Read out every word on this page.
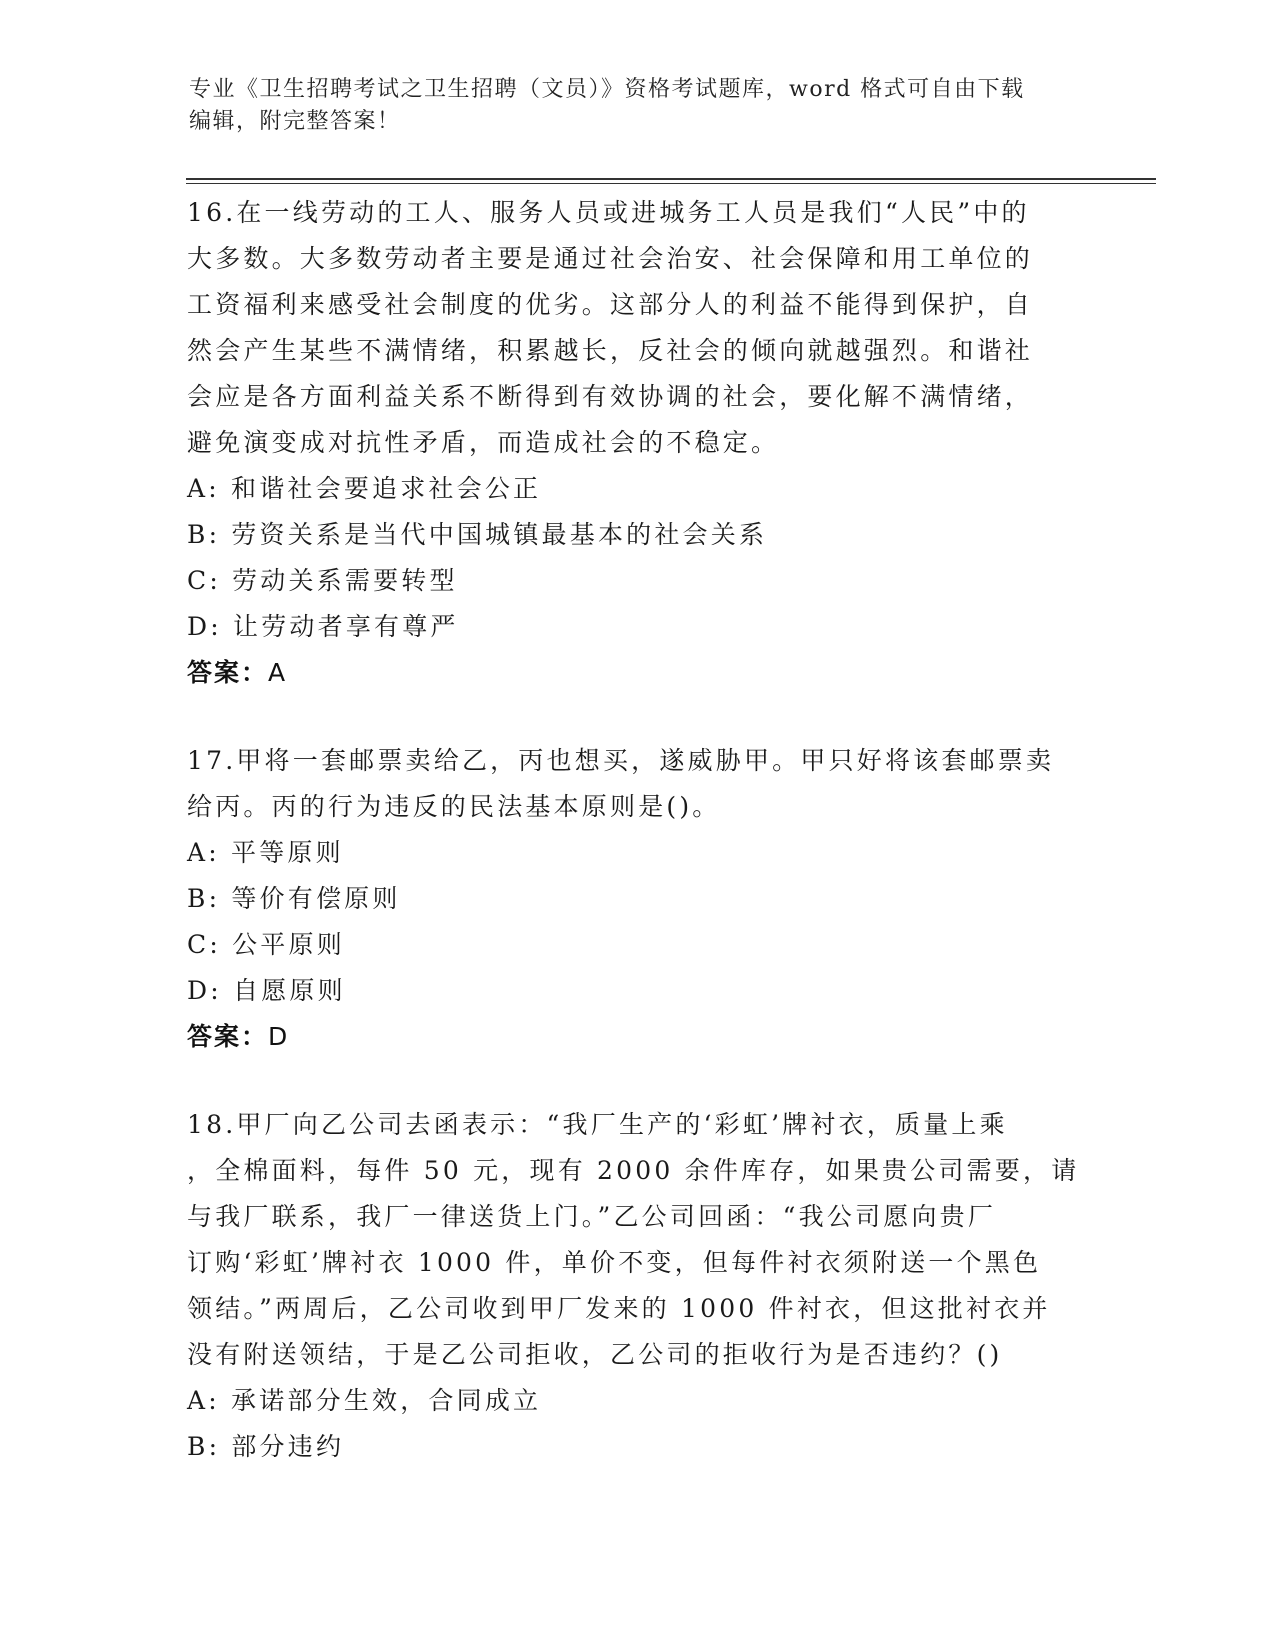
专业《卫生招聘考试之卫生招聘（文员）》资格考试题库，word 格式可自由下载
编辑，附完整答案！
16.在一线劳动的工人、服务人员或进城务工人员是我们“人民”中的
大多数。大多数劳动者主要是通过社会治安、社会保障和用工单位的
工资福利来感受社会制度的优劣。这部分人的利益不能得到保护，自
然会产生某些不满情绪，积累越长，反社会的倾向就越强烈。和谐社
会应是各方面利益关系不断得到有效协调的社会，要化解不满情绪，
避免演变成对抗性矛盾，而造成社会的不稳定。
A: 和谐社会要追求社会公正
B: 劳资关系是当代中国城镇最基本的社会关系
C: 劳动关系需要转型
D: 让劳动者享有尊严
答案：A
17.甲将一套邮票卖给乙，丙也想买，遂威胁甲。甲只好将该套邮票卖
给丙。丙的行为违反的民法基本原则是()。
A: 平等原则
B: 等价有偿原则
C: 公平原则
D: 自愿原则
答案：D
18.甲厂向乙公司去函表示：“我厂生产的‘彩虹’牌衬衣，质量上乘
，全棉面料，每件 50 元，现有 2000 余件库存，如果贵公司需要，请
与我厂联系，我厂一律送货上门。”乙公司回函：“我公司愿向贵厂
订购‘彩虹’牌衬衣 1000 件，单价不变，但每件衬衣须附送一个黑色
领结。”两周后，乙公司收到甲厂发来的 1000 件衬衣，但这批衬衣并
没有附送领结，于是乙公司拒收，乙公司的拒收行为是否违约？()
A: 承诺部分生效，合同成立
B: 部分违约
